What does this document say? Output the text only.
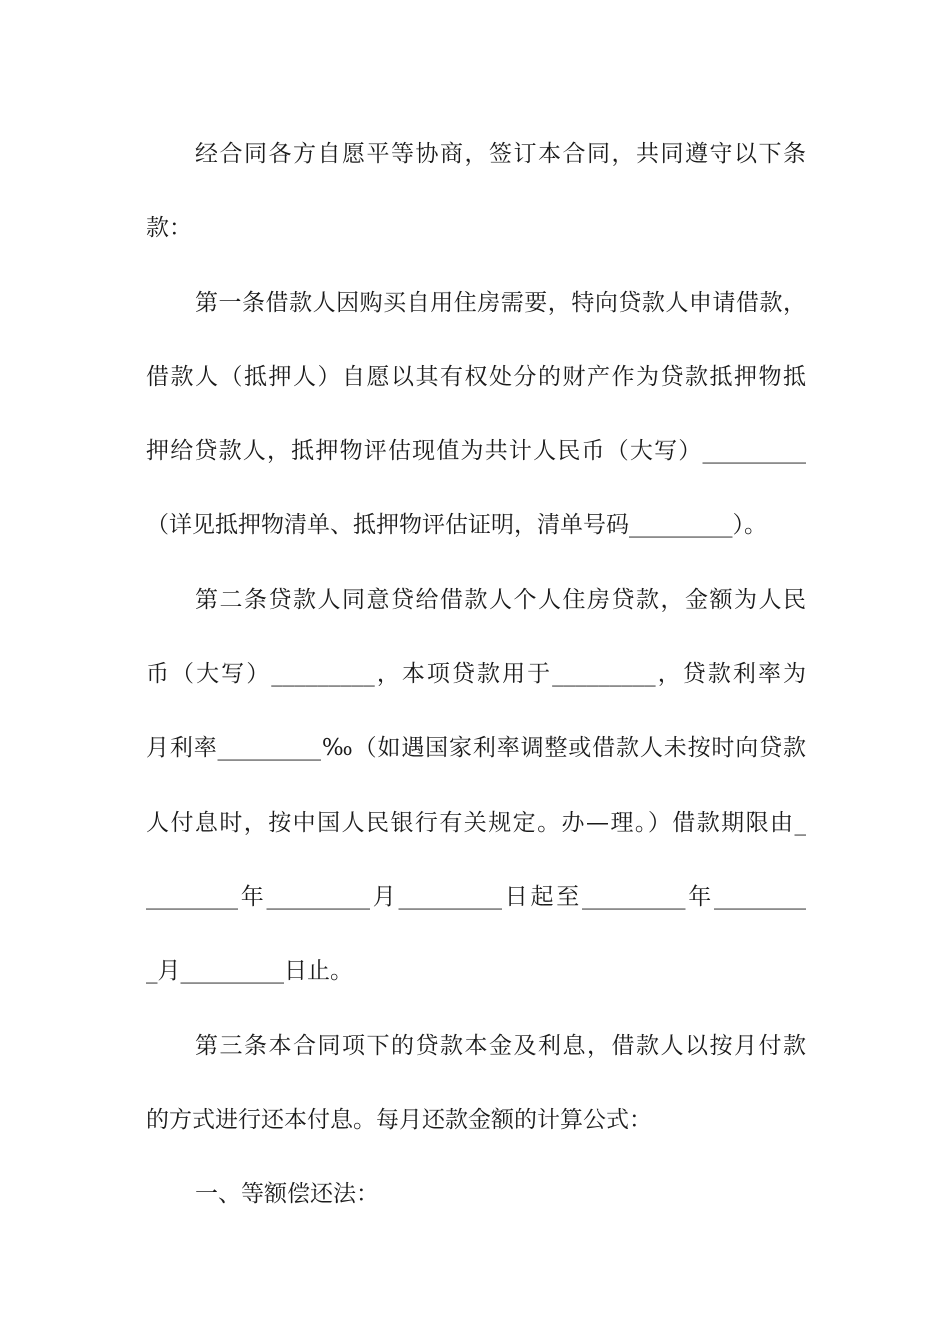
经合同各方自愿平等协商，签订本合同，共同遵守以下条
款：
第一条借款人因购买自用住房需要，特向贷款人申请借款，
借款人（抵押人）自愿以其有权处分的财产作为贷款抵押物抵
押给贷款人，抵押物评估现值为共计人民币（大写）_________
（详见抵押物清单、抵押物评估证明，清单号码_________）。
第二条贷款人同意贷给借款人个人住房贷款，金额为人民
币（大写）_________，本项贷款用于_________，贷款利率为
月利率_________‰（如遇国家利率调整或借款人未按时向贷款
人付息时，按中国人民银行有关规定。办—理。）借款期限由_
________年_________月_________日起至_________年________
_月_________日止。
第三条本合同项下的贷款本金及利息，借款人以按月付款
的方式进行还本付息。每月还款金额的计算公式：
一、等额偿还法：
